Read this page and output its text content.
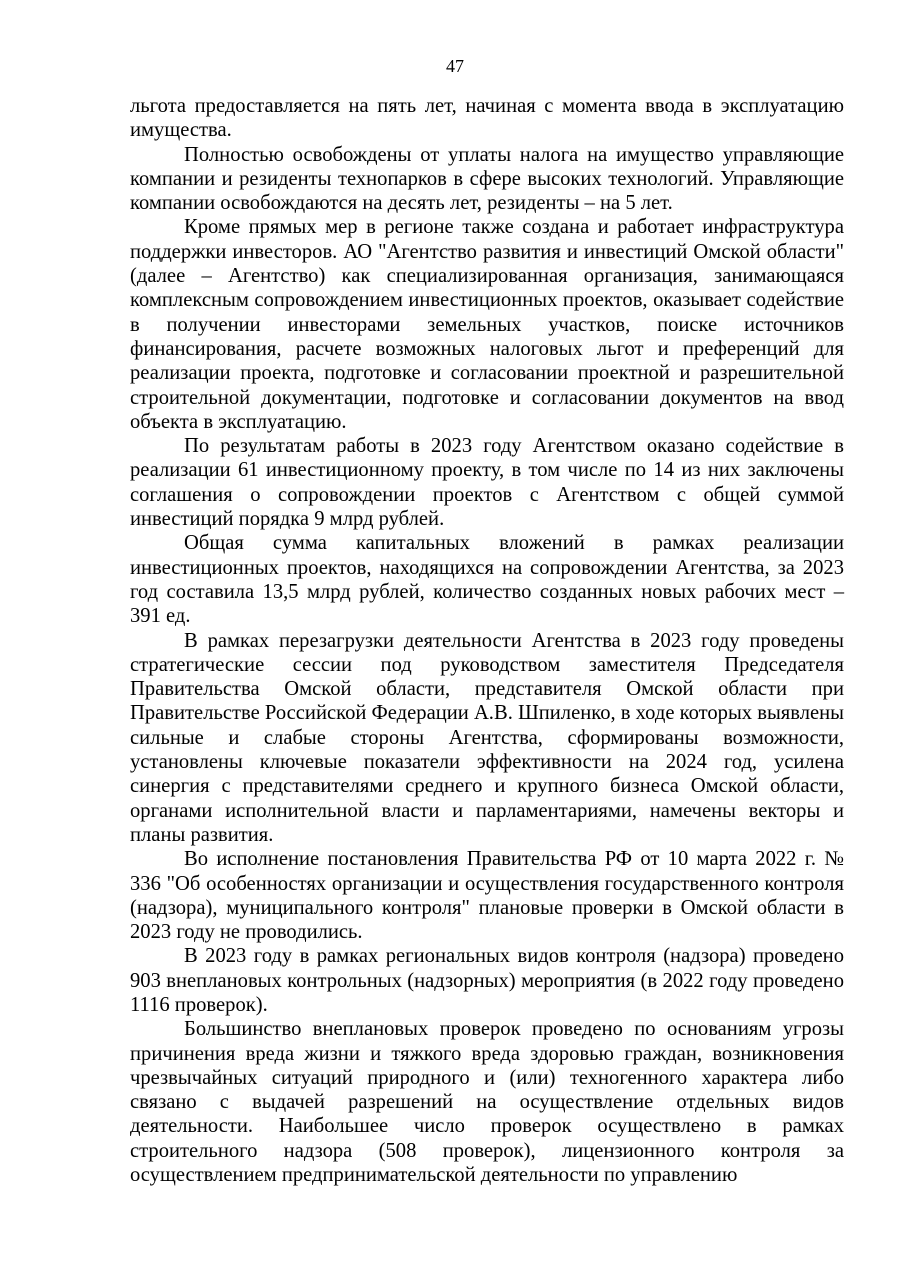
47

льгота предоставляется на пять лет, начиная с момента ввода в эксплуатацию имущества.

Полностью освобождены от уплаты налога на имущество управляющие компании и резиденты технопарков в сфере высоких технологий. Управляющие компании освобождаются на десять лет, резиденты – на 5 лет.

Кроме прямых мер в регионе также создана и работает инфраструктура поддержки инвесторов. АО "Агентство развития и инвестиций Омской области" (далее – Агентство) как специализированная организация, занимающаяся комплексным сопровождением инвестиционных проектов, оказывает содействие в получении инвесторами земельных участков, поиске источников финансирования, расчете возможных налоговых льгот и преференций для реализации проекта, подготовке и согласовании проектной и разрешительной строительной документации, подготовке и согласовании документов на ввод объекта в эксплуатацию.

По результатам работы в 2023 году Агентством оказано содействие в реализации 61 инвестиционному проекту, в том числе по 14 из них заключены соглашения о сопровождении проектов с Агентством с общей суммой инвестиций порядка 9 млрд рублей.

Общая сумма капитальных вложений в рамках реализации инвестиционных проектов, находящихся на сопровождении Агентства, за 2023 год составила 13,5 млрд рублей, количество созданных новых рабочих мест – 391 ед.

В рамках перезагрузки деятельности Агентства в 2023 году проведены стратегические сессии под руководством заместителя Председателя Правительства Омской области, представителя Омской области при Правительстве Российской Федерации А.В. Шпиленко, в ходе которых выявлены сильные и слабые стороны Агентства, сформированы возможности, установлены ключевые показатели эффективности на 2024 год, усилена синергия с представителями среднего и крупного бизнеса Омской области, органами исполнительной власти и парламентариями, намечены векторы и планы развития.

Во исполнение постановления Правительства РФ от 10 марта 2022 г. № 336 "Об особенностях организации и осуществления государственного контроля (надзора), муниципального контроля" плановые проверки в Омской области в 2023 году не проводились.

В 2023 году в рамках региональных видов контроля (надзора) проведено 903 внеплановых контрольных (надзорных) мероприятия (в 2022 году проведено 1116 проверок).

Большинство внеплановых проверок проведено по основаниям угрозы причинения вреда жизни и тяжкого вреда здоровью граждан, возникновения чрезвычайных ситуаций природного и (или) техногенного характера либо связано с выдачей разрешений на осуществление отдельных видов деятельности. Наибольшее число проверок осуществлено в рамках строительного надзора (508 проверок), лицензионного контроля за осуществлением предпринимательской деятельности по управлению
